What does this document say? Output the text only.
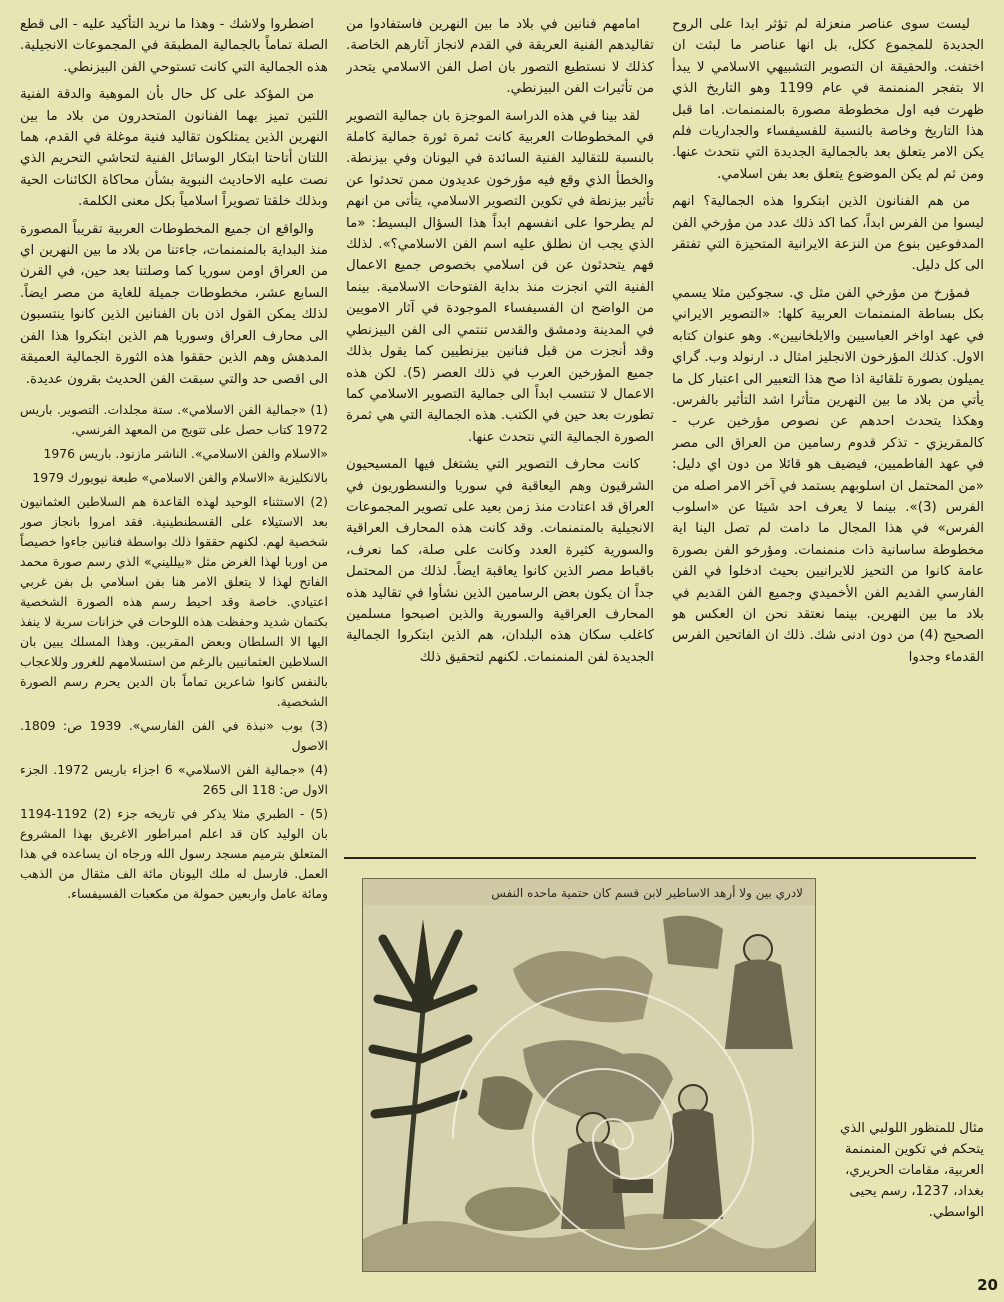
ليست سوى عناصر منعزلة لم تؤثر ابدا على الروح الجديدة للمجموع ككل، بل انها عناصر ما لبثت ان اختفت. والحقيقة ان التصوير التشبيهي الاسلامي لا يبدأ الا بتفجر المنمنمة في عام 1199 وهو التاريخ الذي ظهرت فيه اول مخطوطة مصورة بالمنمنمات. اما قبل هذا التاريخ وخاصة بالنسبة للفسيفساء والجداريات فلم يكن الامر يتعلق بعد بالجمالية الجديدة التي نتحدث عنها. ومن ثم لم يكن الموضوع يتعلق بعد بفن اسلامي.

من هم الفنانون الذين ابتكروا هذه الجمالية؟ انهم ليسوا من الفرس ابداً، كما اكد ذلك عدد من مؤرخي الفن المدفوعين بنوع من النزعة الايرانية المتحيزة التي تفتقر الى كل دليل.

فمؤرخ من مؤرخي الفن مثل ي. سجوكين مثلا يسمي بكل بساطة المنمنمات العربية كلها: «التصوير الايراني في عهد اواخر العباسيين والايلخانيين». وهو عنوان كتابه الاول. كذلك المؤرخون الانجليز امثال د. ارنولد وب. گراي يميلون بصورة تلقائية اذا صح هذا التعبير الى اعتبار كل ما يأتي من بلاد ما بين النهرين متأثرا اشد التأثير بالفرس. وهكذا يتحدث احدهم عن نصوص مؤرخين عرب - كالمقريزي - تذكر قدوم رسامين من العراق الى مصر في عهد الفاطميين، فيضيف هو قائلا من دون اي دليل: «من المحتمل ان اسلوبهم يستمد في آخر الامر اصله من الفرس (3)». بينما لا يعرف احد شيئا عن «اسلوب الفرس» في هذا المجال ما دامت لم تصل الينا اية مخطوطة ساسانية ذات منمنمات. ومؤرخو الفن بصورة عامة كانوا من التحيز للايرانيين بحيث ادخلوا في الفن الفارسي القديم الفن الأخميدي وجميع الفن القديم في بلاد ما بين النهرين. بينما نعتقد نحن ان العكس هو الصحيح (4) من دون ادنى شك. ذلك ان الفاتحين الفرس القدماء وجدوا

امامهم فنانين في بلاد ما بين النهرين فاستفادوا من تقاليدهم الفنية العريقة في القدم لانجاز آثارهم الخاصة. كذلك لا نستطيع التصور بان اصل الفن الاسلامي يتحدر من تأثيرات الفن البيزنطي.

لقد بينا في هذه الدراسة الموجزة بان جمالية التصوير في المخطوطات العربية كانت ثمرة ثورة جمالية كاملة بالنسبة للتقاليد الفنية السائدة في اليونان وفي بيزنطة. والخطأ الذي وقع فيه مؤرخون عديدون ممن تحدثوا عن تأثير بيزنطة في تكوين التصوير الاسلامي، يتأتى من انهم لم يطرحوا على انفسهم ابداً هذا السؤال البسيط: «ما الذي يجب ان نطلق عليه اسم الفن الاسلامي؟». لذلك فهم يتحدثون عن فن اسلامي بخصوص جميع الاعمال الفنية التي انجزت منذ بداية الفتوحات الاسلامية. بينما من الواضح ان الفسيفساء الموجودة في آثار الامويين في المدينة ودمشق والقدس تنتمي الى الفن البيزنطي وقد أنجزت من قبل فنانين بيزنطيين كما يقول بذلك جميع المؤرخين العرب في ذلك العصر (5). لكن هذه الاعمال لا تنتسب ابداً الى جمالية التصوير الاسلامي كما تطورت بعد حين في الكتب. هذه الجمالية التي هي ثمرة الصورة الجمالية التي نتحدث عنها.

كانت محارف التصوير التي يشتغل فيها المسيحيون الشرقيون وهم اليعاقبة في سوريا والنسطوريون في العراق قد اعتادت منذ زمن بعيد على تصوير المجموعات الانجيلية بالمنمنمات. وقد كانت هذه المحارف العراقية والسورية كثيرة العدد وكانت على صلة، كما نعرف، باقباط مصر الذين كانوا يعاقبة ايضاً. لذلك من المحتمل جداً ان يكون بعض الرسامين الذين نشأوا في تقاليد هذه المحارف العراقية والسورية والذين اصبحوا مسلمين كاغلب سكان هذه البلدان، هم الذين ابتكروا الجمالية الجديدة لفن المنمنمات. لكنهم لتحقيق ذلك

اضطروا ولاشك - وهذا ما نريد التأكيد عليه - الى قطع الصلة تماماً بالجمالية المطبقة في المجموعات الانجيلية. هذه الجمالية التي كانت تستوحي الفن البيزنطي.

من المؤكد على كل حال بأن الموهبة والدقة الفنية اللتين تميز بهما الفنانون المتحدرون من بلاد ما بين النهرين الذين يمتلكون تقاليد فنية موغلة في القدم، هما اللتان أتاحتا ابتكار الوسائل الفنية لتحاشي التحريم الذي نصت عليه الاحاديث النبوية بشأن محاكاة الكائنات الحية وبذلك خلقتا تصويراً اسلامياً بكل معنى الكلمة.

والواقع ان جميع المخطوطات العربية تقريباً المصورة منذ البداية بالمنمنمات، جاءتنا من بلاد ما بين النهرين اي من العراق اومن سوريا كما وصلتنا بعد حين، في القرن السابع عشر، مخطوطات جميلة للغاية من مصر ايضاً. لذلك يمكن القول اذن بان الفنانين الذين كانوا ينتسبون الى محارف العراق وسوريا هم الذين ابتكروا هذا الفن المدهش وهم الذين حققوا هذه الثورة الجمالية العميقة الى اقصى حد والتي سبقت الفن الحديث بقرون عديدة.

(1) «جمالية الفن الاسلامي». ستة مجلدات. التصوير. باريس 1972 كتاب حصل على تتويج من المعهد الفرنسي.

«الاسلام والفن الاسلامي». الناشر مازنود. باريس 1976

بالانكليزية «الاسلام والفن الاسلامي» طبعة نيويورك 1979

(2) الاستثناء الوحيد لهذه القاعدة هم السلاطين العثمانيون بعد الاستيلاء على القسطنطينية. فقد امروا بانجاز صور شخصية لهم. لكنهم حققوا ذلك بواسطة فنانين جاءوا خصيصاً من اوربا لهذا الغرض مثل «بيلليني» الذي رسم صورة محمد الفاتح لهذا لا يتعلق الامر هنا بفن اسلامي بل بفن غربي اعتيادي. خاصة وقد احيط رسم هذه الصورة الشخصية بكتمان شديد وحفظت هذه اللوحات في خزانات سرية لا ينفذ اليها الا السلطان وبعض المقربين. وهذا المسلك يبين بان السلاطين العثمانيين بالرغم من استسلامهم للغرور وللاعجاب بالنفس كانوا شاعرين تماماً بان الدين يحرم رسم الصورة الشخصية.

(3) بوب «نبذة في الفن الفارسي». 1939 ص: 1809. الاصول

(4) «جمالية الفن الاسلامي» 6 اجزاء باريس 1972. الجزء الاول ص: 118 الى 265

(5) - الطبري مثلا يذكر في تاريخه جزء (2) 1192-1194 بان الوليد كان قد اعلم امبراطور الاغريق بهذا المشروع المتعلق بترميم مسجد رسول الله ورجاه ان يساعده في هذا العمل. فارسل له ملك اليونان مائة الف مثقال من الذهب ومائة عامل واربعين حمولة من مكعبات الفسيفساء.	لادري بين ولا أرهد الاساطير لابن قسم كان حتمية ماحده النفس
مثال للمنظور اللولبي الذي يتحكم في تكوين المنمنمة العربية، مقامات الحريري، بغداد، 1237، رسم يحيى الواسطي.
20
